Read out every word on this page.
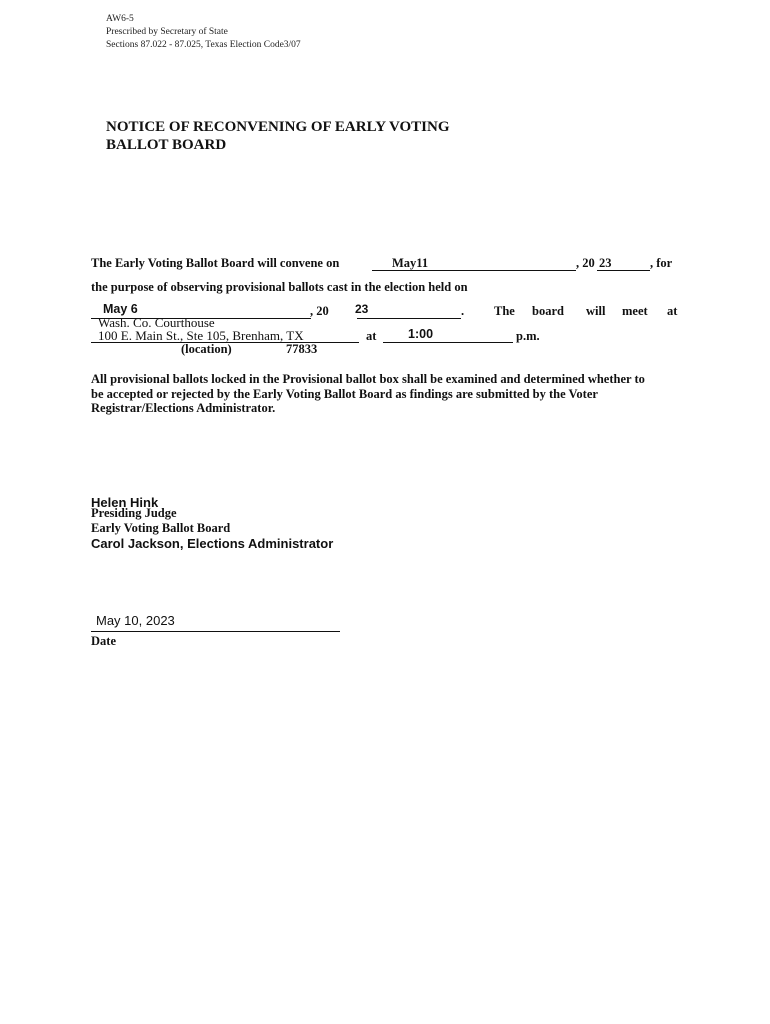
AW6-5
Prescribed by Secretary of State
Sections 87.022 - 87.025, Texas Election Code3/07
NOTICE OF RECONVENING OF EARLY VOTING
BALLOT BOARD
The Early Voting Ballot Board will convene on	May11	, 20 23	, for
the purpose of observing provisional ballots cast in the election held on
May 6	, 20 23	. The board will meet at
Wash. Co. Courthouse
100 E. Main St., Ste 105, Brenham, TX	at	1:00	p.m.
(location)	77833
All provisional ballots locked in the Provisional ballot box shall be examined and determined whether to be accepted or rejected by the Early Voting Ballot Board as findings are submitted by the Voter Registrar/Elections Administrator.
Helen Hink
Presiding Judge
Early Voting Ballot Board
Carol Jackson, Elections Administrator
May 10, 2023
Date
